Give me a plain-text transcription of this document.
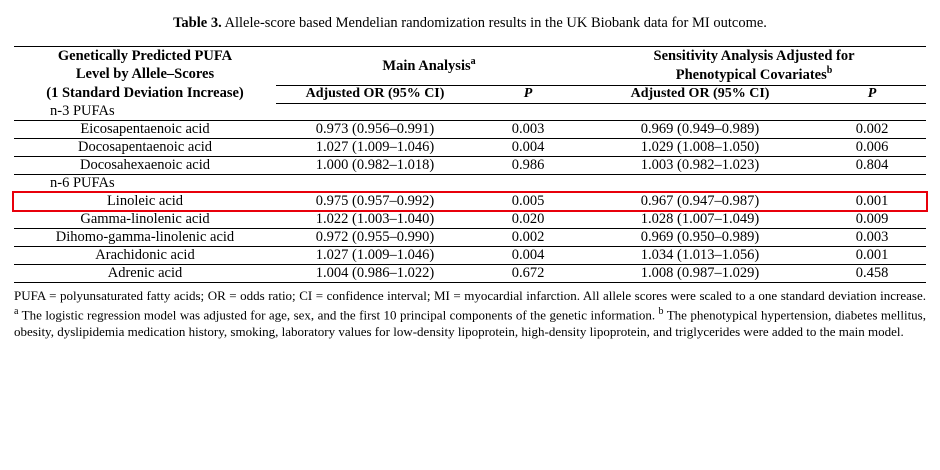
Table 3. Allele-score based Mendelian randomization results in the UK Biobank data for MI outcome.
Genetically Predicted PUFA
Level by Allele–Scores
(1 Standard Deviation Increase)
	Main Analysis$^a$	Sensitivity Analysis Adjusted for
Phenotypical Covariates$^b$

	Adjusted OR (95% CI)	P	Adjusted OR (95% CI)	P
n-3 PUFAs				
Eicosapentaenoic acid	0.973 (0.956–0.991)	0.003	0.969 (0.949–0.989)	0.002
Docosapentaenoic acid	1.027 (1.009–1.046)	0.004	1.029 (1.008–1.050)	0.006
Docosahexaenoic acid	1.000 (0.982–1.018)	0.986	1.003 (0.982–1.023)	0.804
n-6 PUFAs				
Linoleic acid	0.975 (0.957–0.992)	0.005	0.967 (0.947–0.987)	0.001
Gamma-linolenic acid	1.022 (1.003–1.040)	0.020	1.028 (1.007–1.049)	0.009
Dihomo-gamma-linolenic acid	0.972 (0.955–0.990)	0.002	0.969 (0.950–0.989)	0.003
Arachidonic acid	1.027 (1.009–1.046)	0.004	1.034 (1.013–1.056)	0.001
Adrenic acid	1.004 (0.986–1.022)	0.672	1.008 (0.987–1.029)	0.458
PUFA = polyunsaturated fatty acids; OR = odds ratio; CI = confidence interval; MI = myocardial infarction. All allele scores were scaled to a one standard deviation increase. $^a$ The logistic regression model was adjusted for age, sex, and the first 10 principal components of the genetic information. $^b$ The phenotypical hypertension, diabetes mellitus, obesity, dyslipidemia medication history, smoking, laboratory values for low-density lipoprotein, high-density lipoprotein, and triglycerides were added to the main model.
